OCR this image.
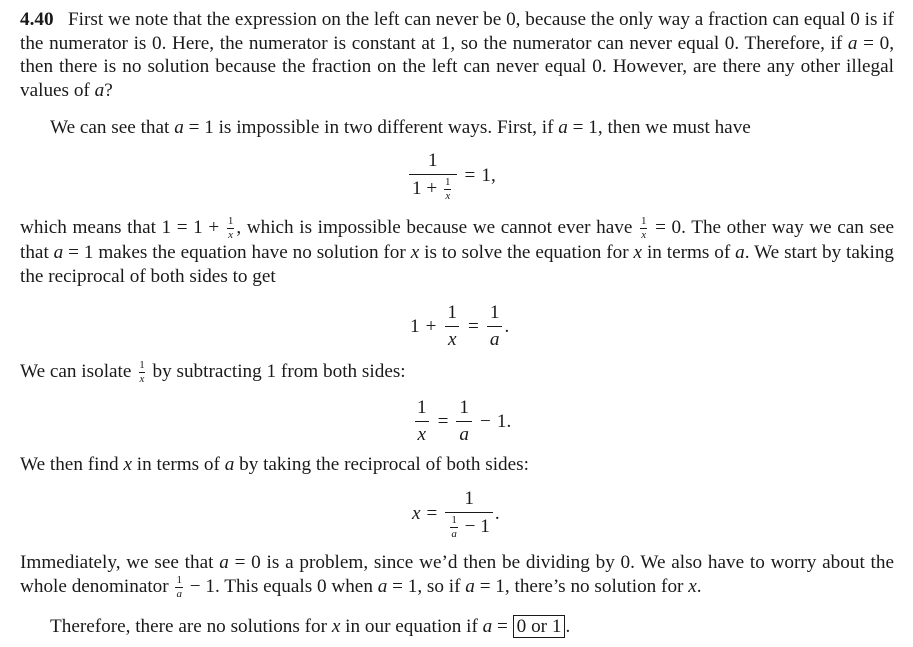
4.40 First we note that the expression on the left can never be 0, because the only way a fraction can equal 0 is if the numerator is 0. Here, the numerator is constant at 1, so the numerator can never equal 0. Therefore, if a = 0, then there is no solution because the fraction on the left can never equal 0. However, are there any other illegal values of a?
We can see that a = 1 is impossible in two different ways. First, if a = 1, then we must have
$\frac{1}{1 + \frac{1}{x}} = 1$,
which means that $1 = 1 + \frac{1}{x}$ , which is impossible because we cannot ever have $\frac{1}{x} = 0$. The other way we can see that a = 1 makes the equation have no solution for x is to solve the equation for x in terms of a. We start by taking the reciprocal of both sides to get
$1 + \frac{1}{x} = \frac{1}{a}$ .
We can isolate $\frac{1}{x}$ by subtracting 1 from both sides:
$\frac{1}{x} = \frac{1}{a} - 1$.
We then find x in terms of a by taking the reciprocal of both sides:
$x = \frac{1}{\frac{1}{a} - 1}$ .
Immediately, we see that a = 0 is a problem, since we’d then be dividing by 0. We also have to worry about the whole denominator $\frac{1}{a} - 1$. This equals 0 when a = 1, so if a = 1, there’s no solution for x.
Therefore, there are no solutions for x in our equation if a = 0 or 1 .
